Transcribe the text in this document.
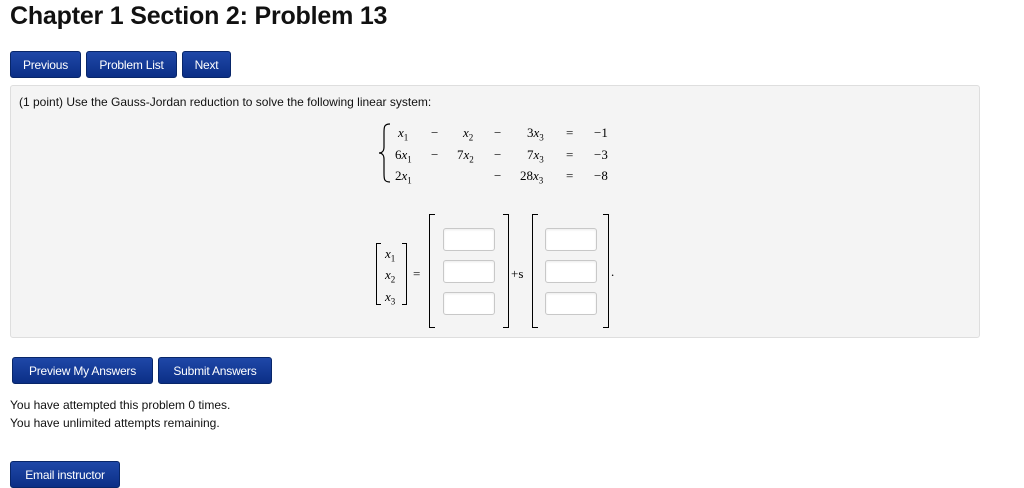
Chapter 1 Section 2: Problem 13
Previous	Problem List	Next
(1 point) Use the Gauss-Jordan reduction to solve the following linear system:
$x_1 - x_2 - 3x_3 = -1$
$6x_1 - 7x_2 - 7x_3 = -3$
$2x_1$	− $28x_3 = -8$
$x_1$
$x_2$
$x_3$
=	+s	.
Preview My Answers	Submit Answers
You have attempted this problem 0 times.
You have unlimited attempts remaining.
Email instructor
